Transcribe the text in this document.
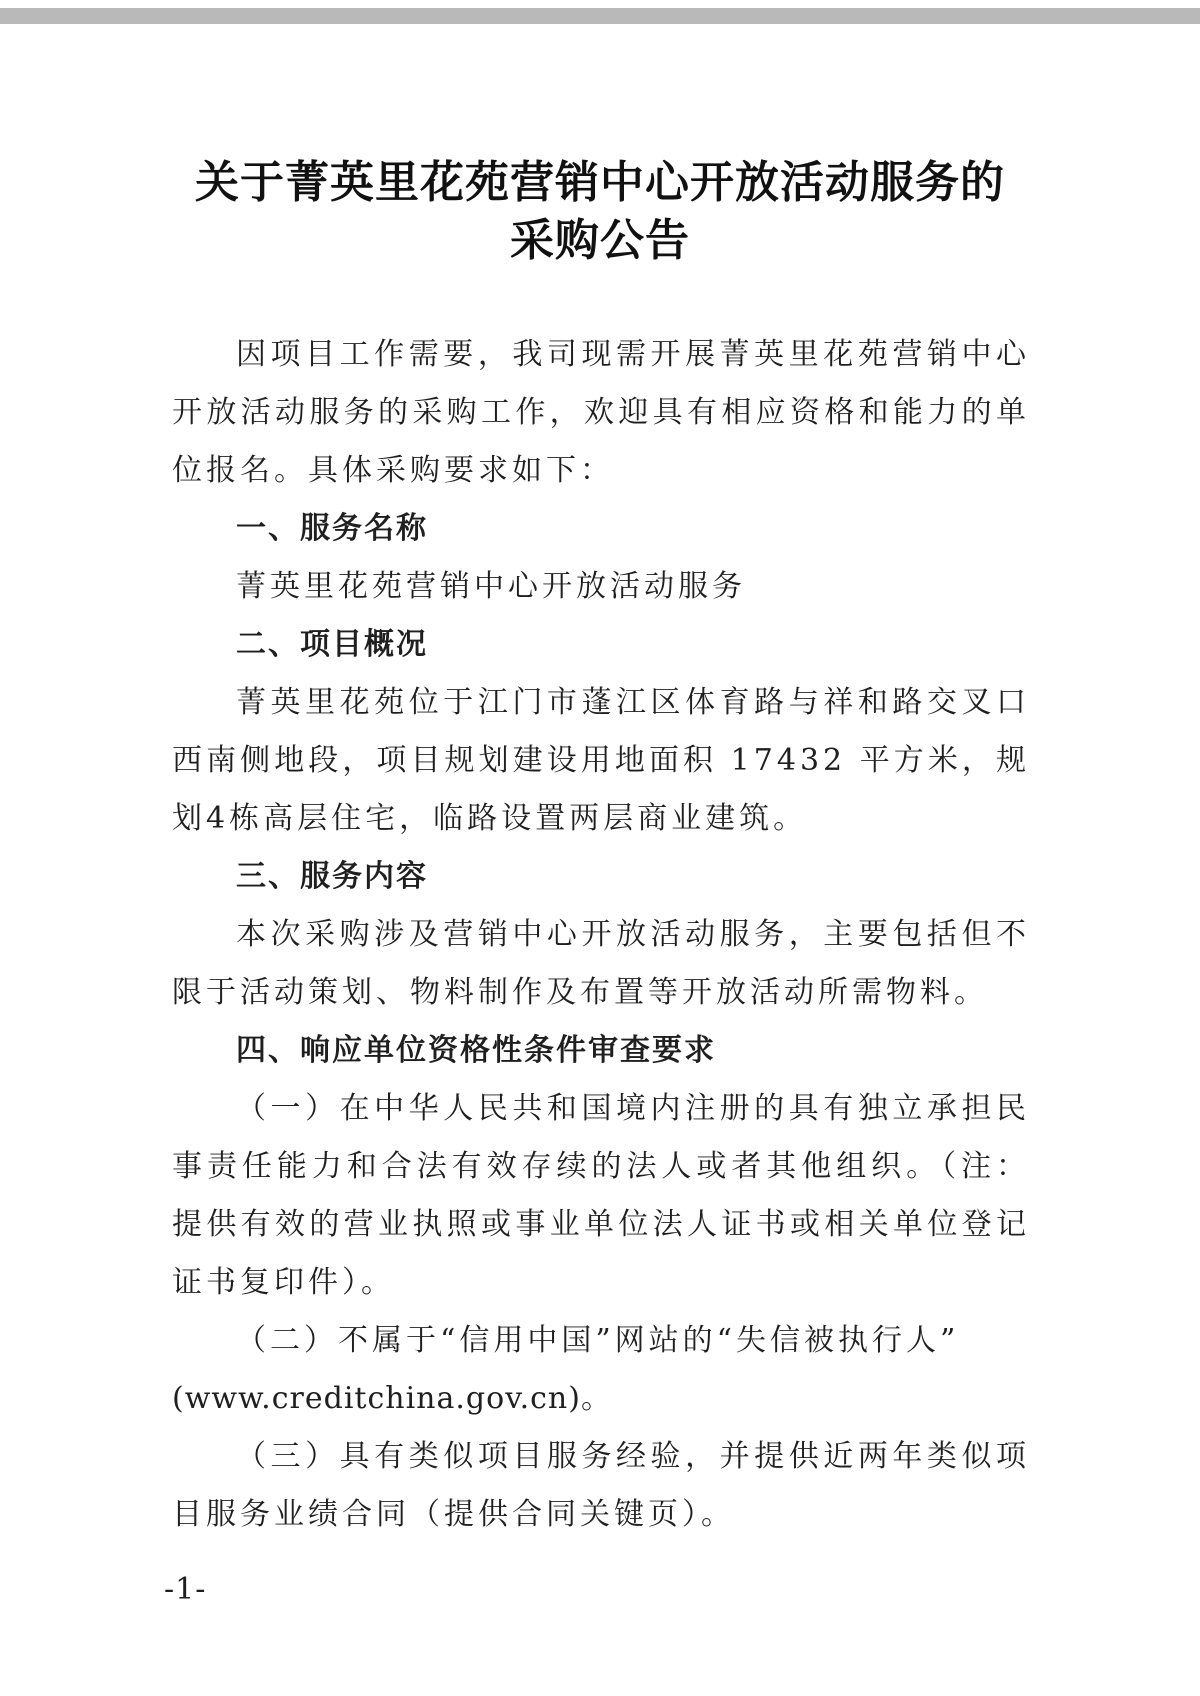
关于菁英里花苑营销中心开放活动服务的
采购公告

因项目工作需要，我司现需开展菁英里花苑营销中心开放活动服务的采购工作，欢迎具有相应资格和能力的单位报名。具体采购要求如下：

一、服务名称

菁英里花苑营销中心开放活动服务

二、项目概况

菁英里花苑位于江门市蓬江区体育路与祥和路交叉口西南侧地段，项目规划建设用地面积 17432 平方米，规划4栋高层住宅，临路设置两层商业建筑。

三、服务内容

本次采购涉及营销中心开放活动服务，主要包括但不限于活动策划、物料制作及布置等开放活动所需物料。

四、响应单位资格性条件审查要求

（一）在中华人民共和国境内注册的具有独立承担民事责任能力和合法有效存续的法人或者其他组织。（注：提供有效的营业执照或事业单位法人证书或相关单位登记证书复印件）。

（二）不属于“信用中国”网站的“失信被执行人”

(www.creditchina.gov.cn)。

（三）具有类似项目服务经验，并提供近两年类似项目服务业绩合同（提供合同关键页）。

-1-
